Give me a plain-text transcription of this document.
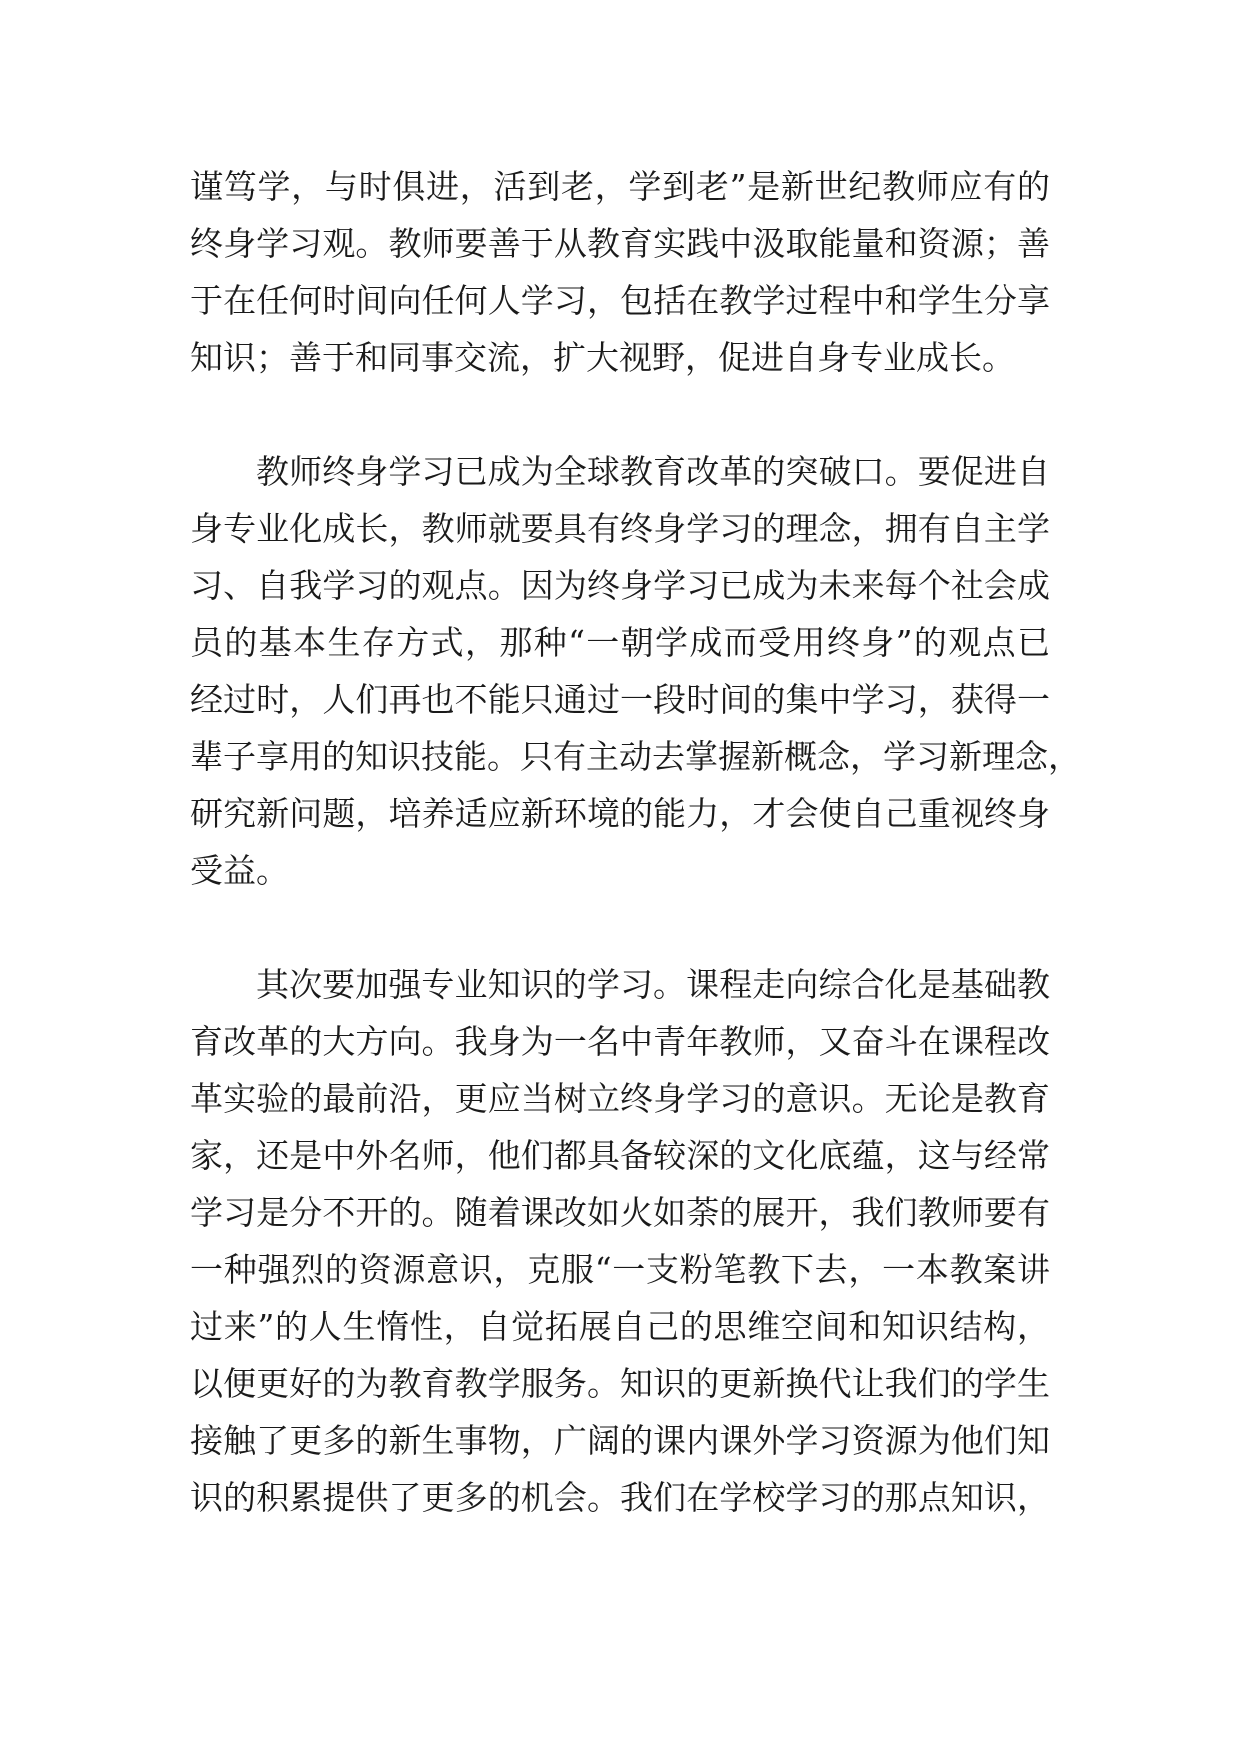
谨笃学，与时俱进，活到老，学到老”是新世纪教师应有的
终身学习观。教师要善于从教育实践中汲取能量和资源；善
于在任何时间向任何人学习，包括在教学过程中和学生分享
知识；善于和同事交流，扩大视野，促进自身专业成长。
教师终身学习已成为全球教育改革的突破口。要促进自
身专业化成长，教师就要具有终身学习的理念，拥有自主学
习、自我学习的观点。因为终身学习已成为未来每个社会成
员的基本生存方式，那种“一朝学成而受用终身”的观点已
经过时，人们再也不能只通过一段时间的集中学习，获得一
辈子享用的知识技能。只有主动去掌握新概念，学习新理念，
研究新问题，培养适应新环境的能力，才会使自己重视终身
受益。
其次要加强专业知识的学习。课程走向综合化是基础教
育改革的大方向。我身为一名中青年教师，又奋斗在课程改
革实验的最前沿，更应当树立终身学习的意识。无论是教育
家，还是中外名师，他们都具备较深的文化底蕴，这与经常
学习是分不开的。随着课改如火如荼的展开，我们教师要有
一种强烈的资源意识，克服“一支粉笔教下去，一本教案讲
过来”的人生惰性，自觉拓展自己的思维空间和知识结构，
以便更好的为教育教学服务。知识的更新换代让我们的学生
接触了更多的新生事物，广阔的课内课外学习资源为他们知
识的积累提供了更多的机会。我们在学校学习的那点知识，
